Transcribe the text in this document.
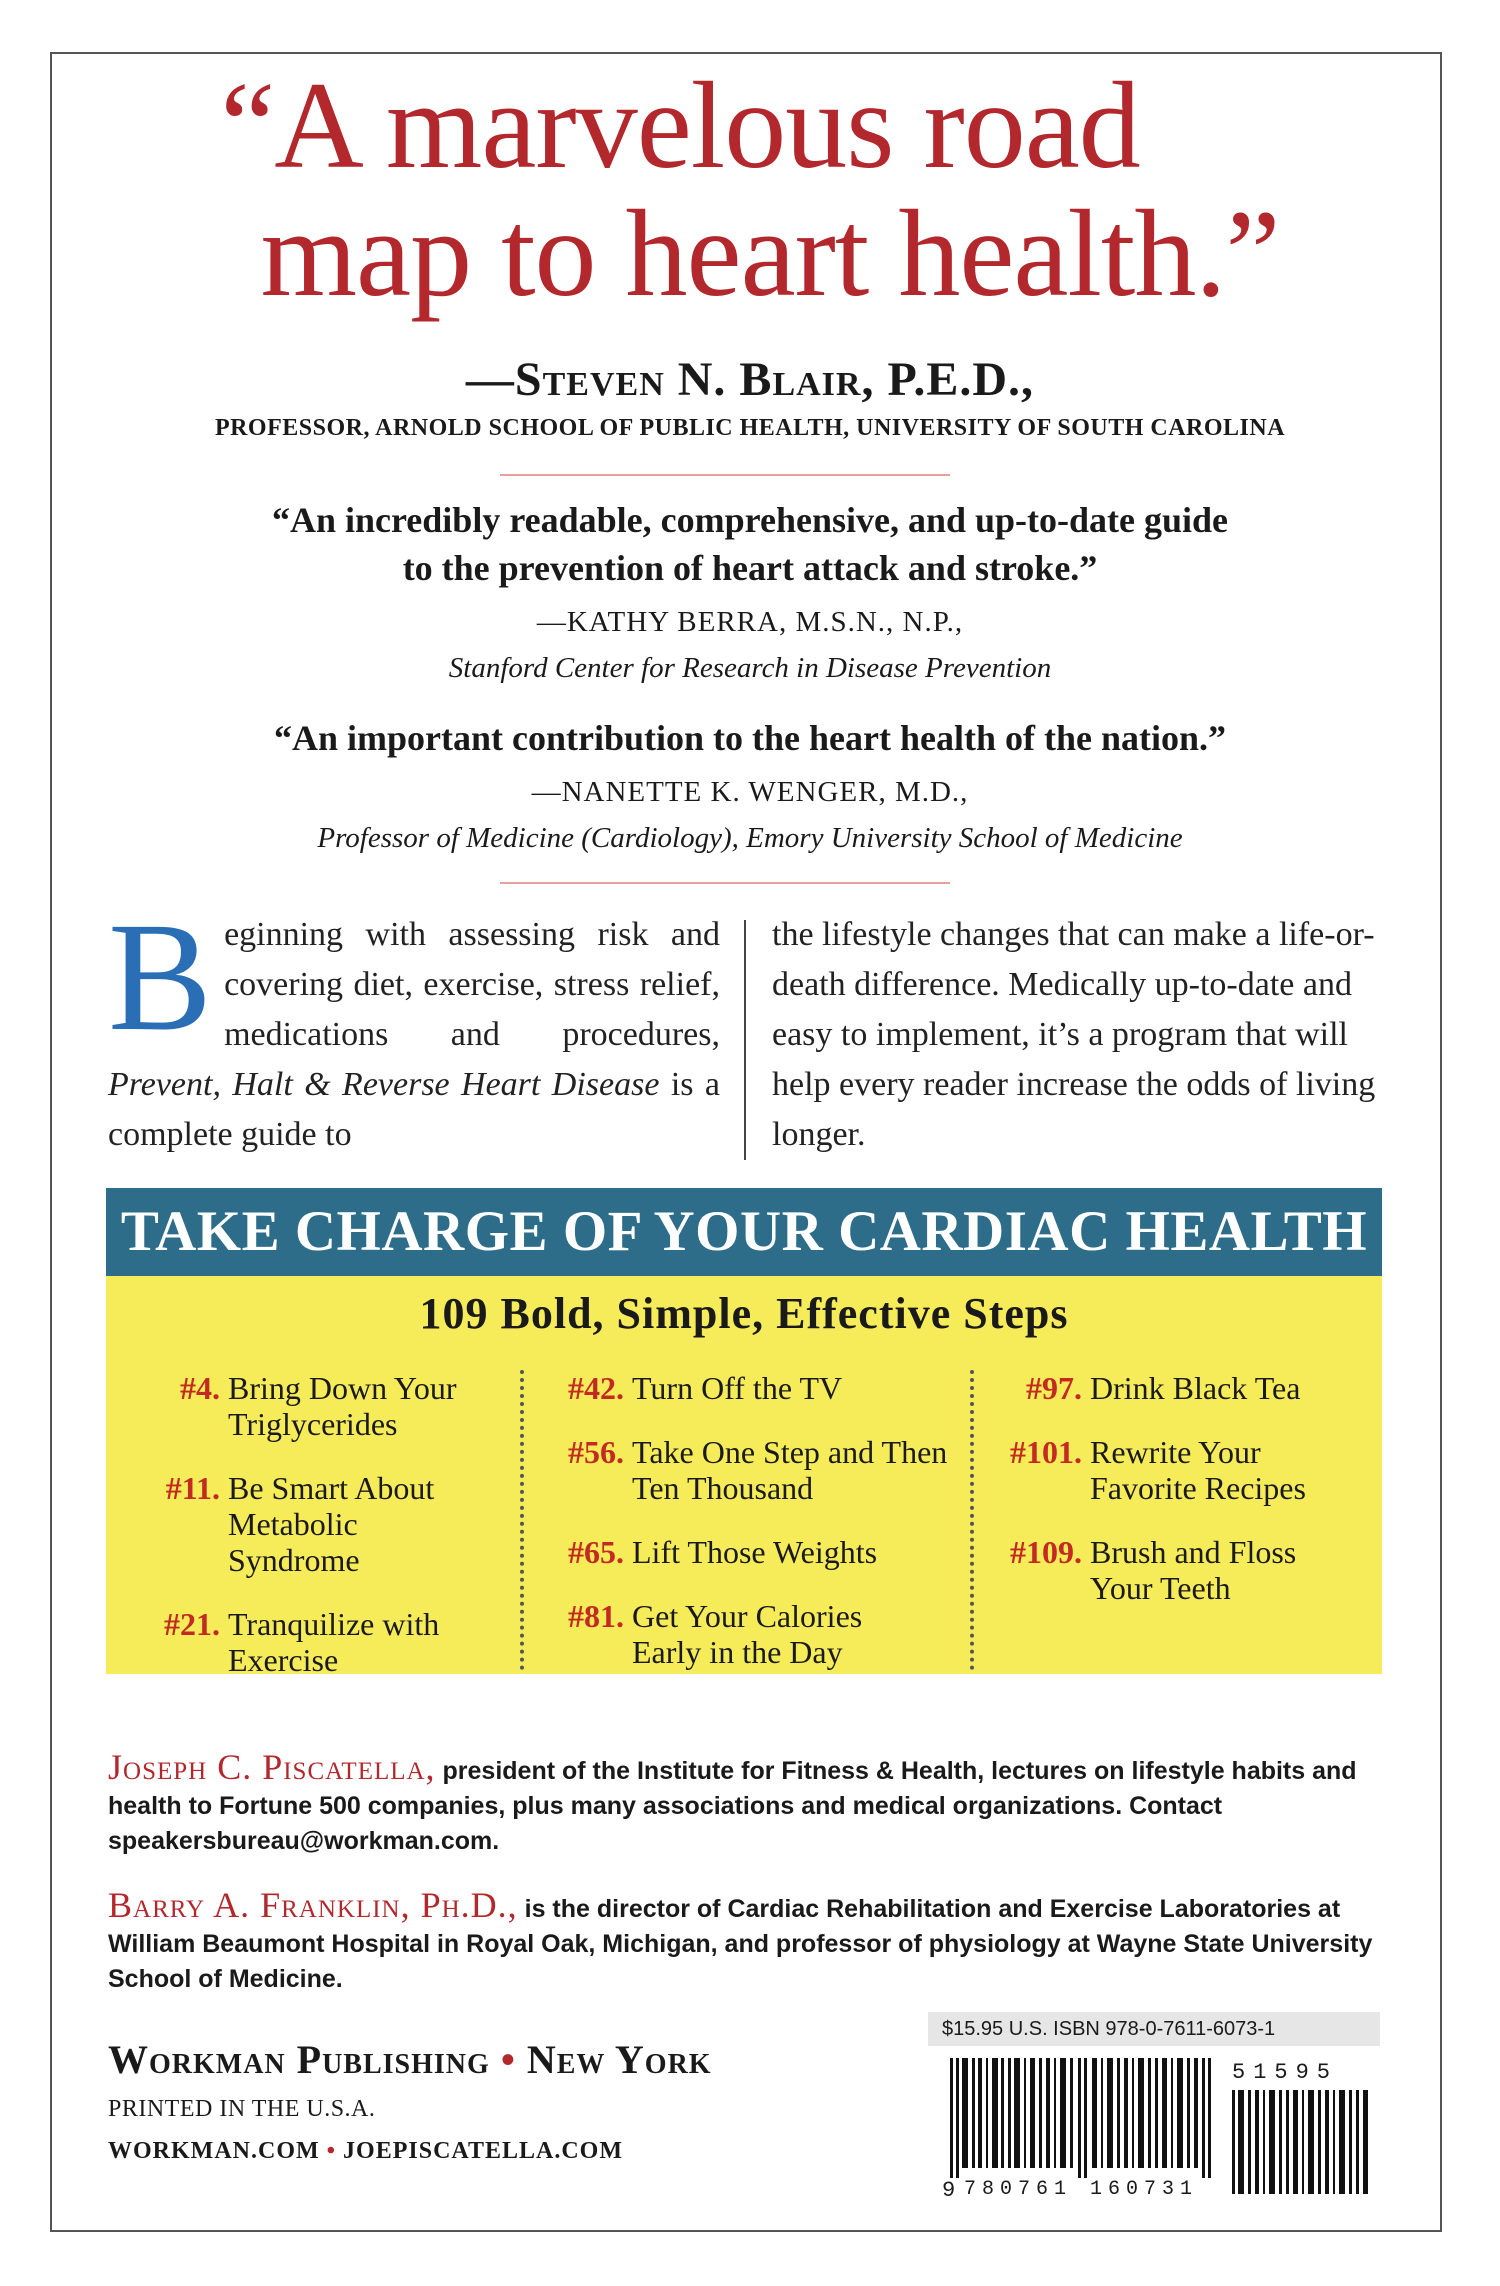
“A marvelous road
map to heart health.”
—Steven N. Blair, P.E.D.,
PROFESSOR, ARNOLD SCHOOL OF PUBLIC HEALTH, UNIVERSITY OF SOUTH CAROLINA
“An incredibly readable, comprehensive, and up-to-date guide
to the prevention of heart attack and stroke.”
—KATHY BERRA, M.S.N., N.P.,
Stanford Center for Research in Disease Prevention
“An important contribution to the heart health of the nation.”
—NANETTE K. WENGER, M.D.,
Professor of Medicine (Cardiology), Emory University School of Medicine
Beginning with assessing risk and covering diet, exercise, stress relief, medications and procedures, Prevent, Halt & Reverse Heart Disease is a complete guide to
the lifestyle changes that can make a life-or-death difference. Medically up-to-date and easy to implement, it’s a program that will help every reader increase the odds of living longer.
TAKE CHARGE OF YOUR CARDIAC HEALTH
109 Bold, Simple, Effective Steps
#4. Bring Down Your Triglycerides
#11. Be Smart About Metabolic Syndrome
#21. Tranquilize with Exercise
#42. Turn Off the TV
#56. Take One Step and Then Ten Thousand
#65. Lift Those Weights
#81. Get Your Calories Early in the Day
#97. Drink Black Tea
#101. Rewrite Your Favorite Recipes
#109. Brush and Floss Your Teeth
Joseph C. Piscatella, president of the Institute for Fitness & Health, lectures on lifestyle habits and health to Fortune 500 companies, plus many associations and medical organizations. Contact speakersbureau@workman.com.
Barry A. Franklin, Ph.D., is the director of Cardiac Rehabilitation and Exercise Laboratories at William Beaumont Hospital in Royal Oak, Michigan, and professor of physiology at Wayne State University School of Medicine.
Workman Publishing • New York
PRINTED IN THE U.S.A.
WORKMAN.COM • JOEPISCATELLA.COM
$15.95 U.S. ISBN 978-0-7611-6073-1
9 780761 160731
51595
